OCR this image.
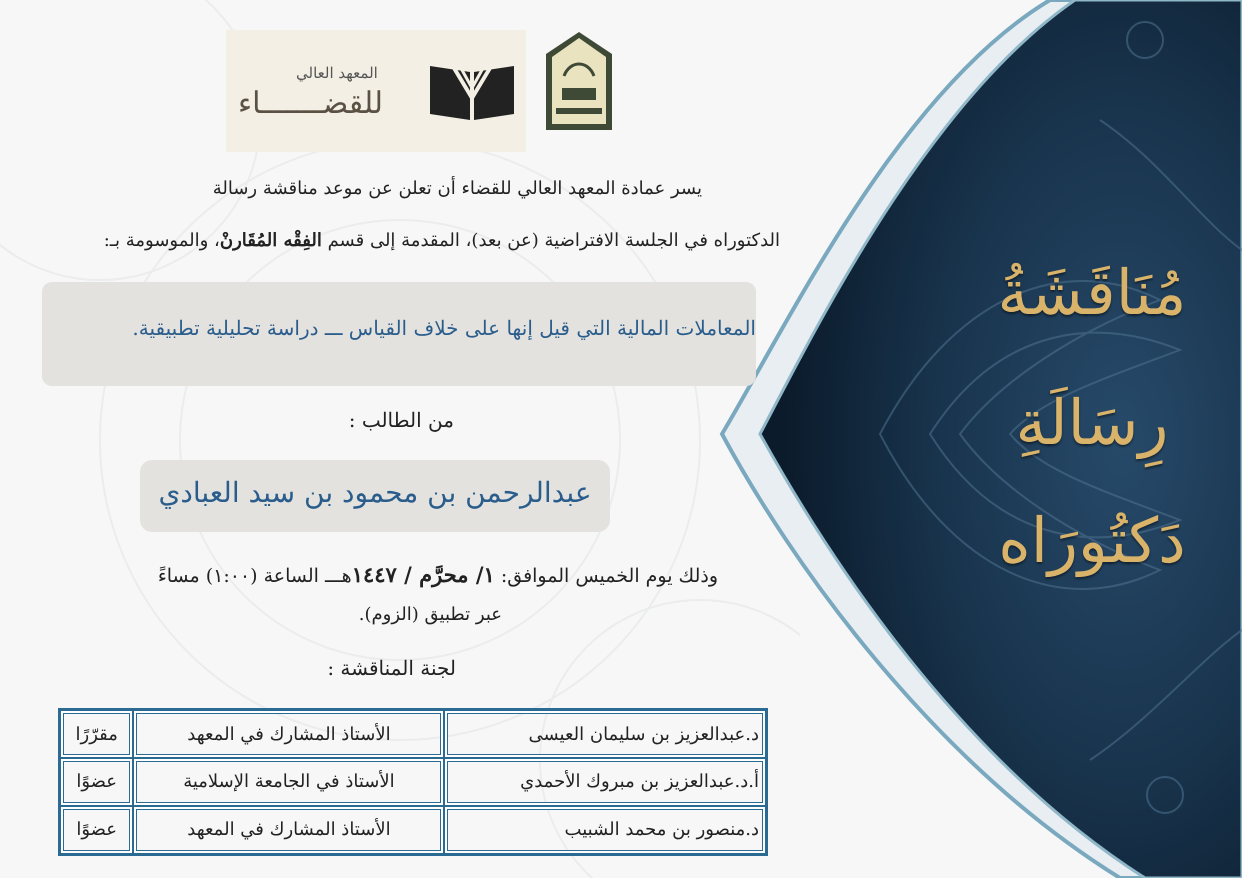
مُنَاقَشَةُ
رِسَالَةِ
دَكتُورَاه
المعهد العالي
للقضـــــــاء
يسر عمادة المعهد العالي للقضاء أن تعلن عن موعد مناقشة رسالة
الدكتوراه في الجلسة الافتراضية (عن بعد)، المقدمة إلى قسم الفِقْه المُقَارنْ، والموسومة بـ:
المعاملات المالية التي قيل إنها على خلاف القياس ـــ دراسة تحليلية تطبيقية.
من الطالب :
عبدالرحمن بن محمود بن سيد العبادي
وذلك يوم الخميس الموافق: ١/ محرَّم / ١٤٤٧هـــ الساعة (١:٠٠) مساءً
عبر تطبيق (الزوم).
لجنة المناقشة :
د.عبدالعزيز بن سليمان العيسى	الأستاذ المشارك في المعهد	مقرّرًا
أ.د.عبدالعزيز بن مبروك الأحمدي	الأستاذ في الجامعة الإسلامية	عضوًا
د.منصور بن محمد الشبيب	الأستاذ المشارك في المعهد	عضوًا
